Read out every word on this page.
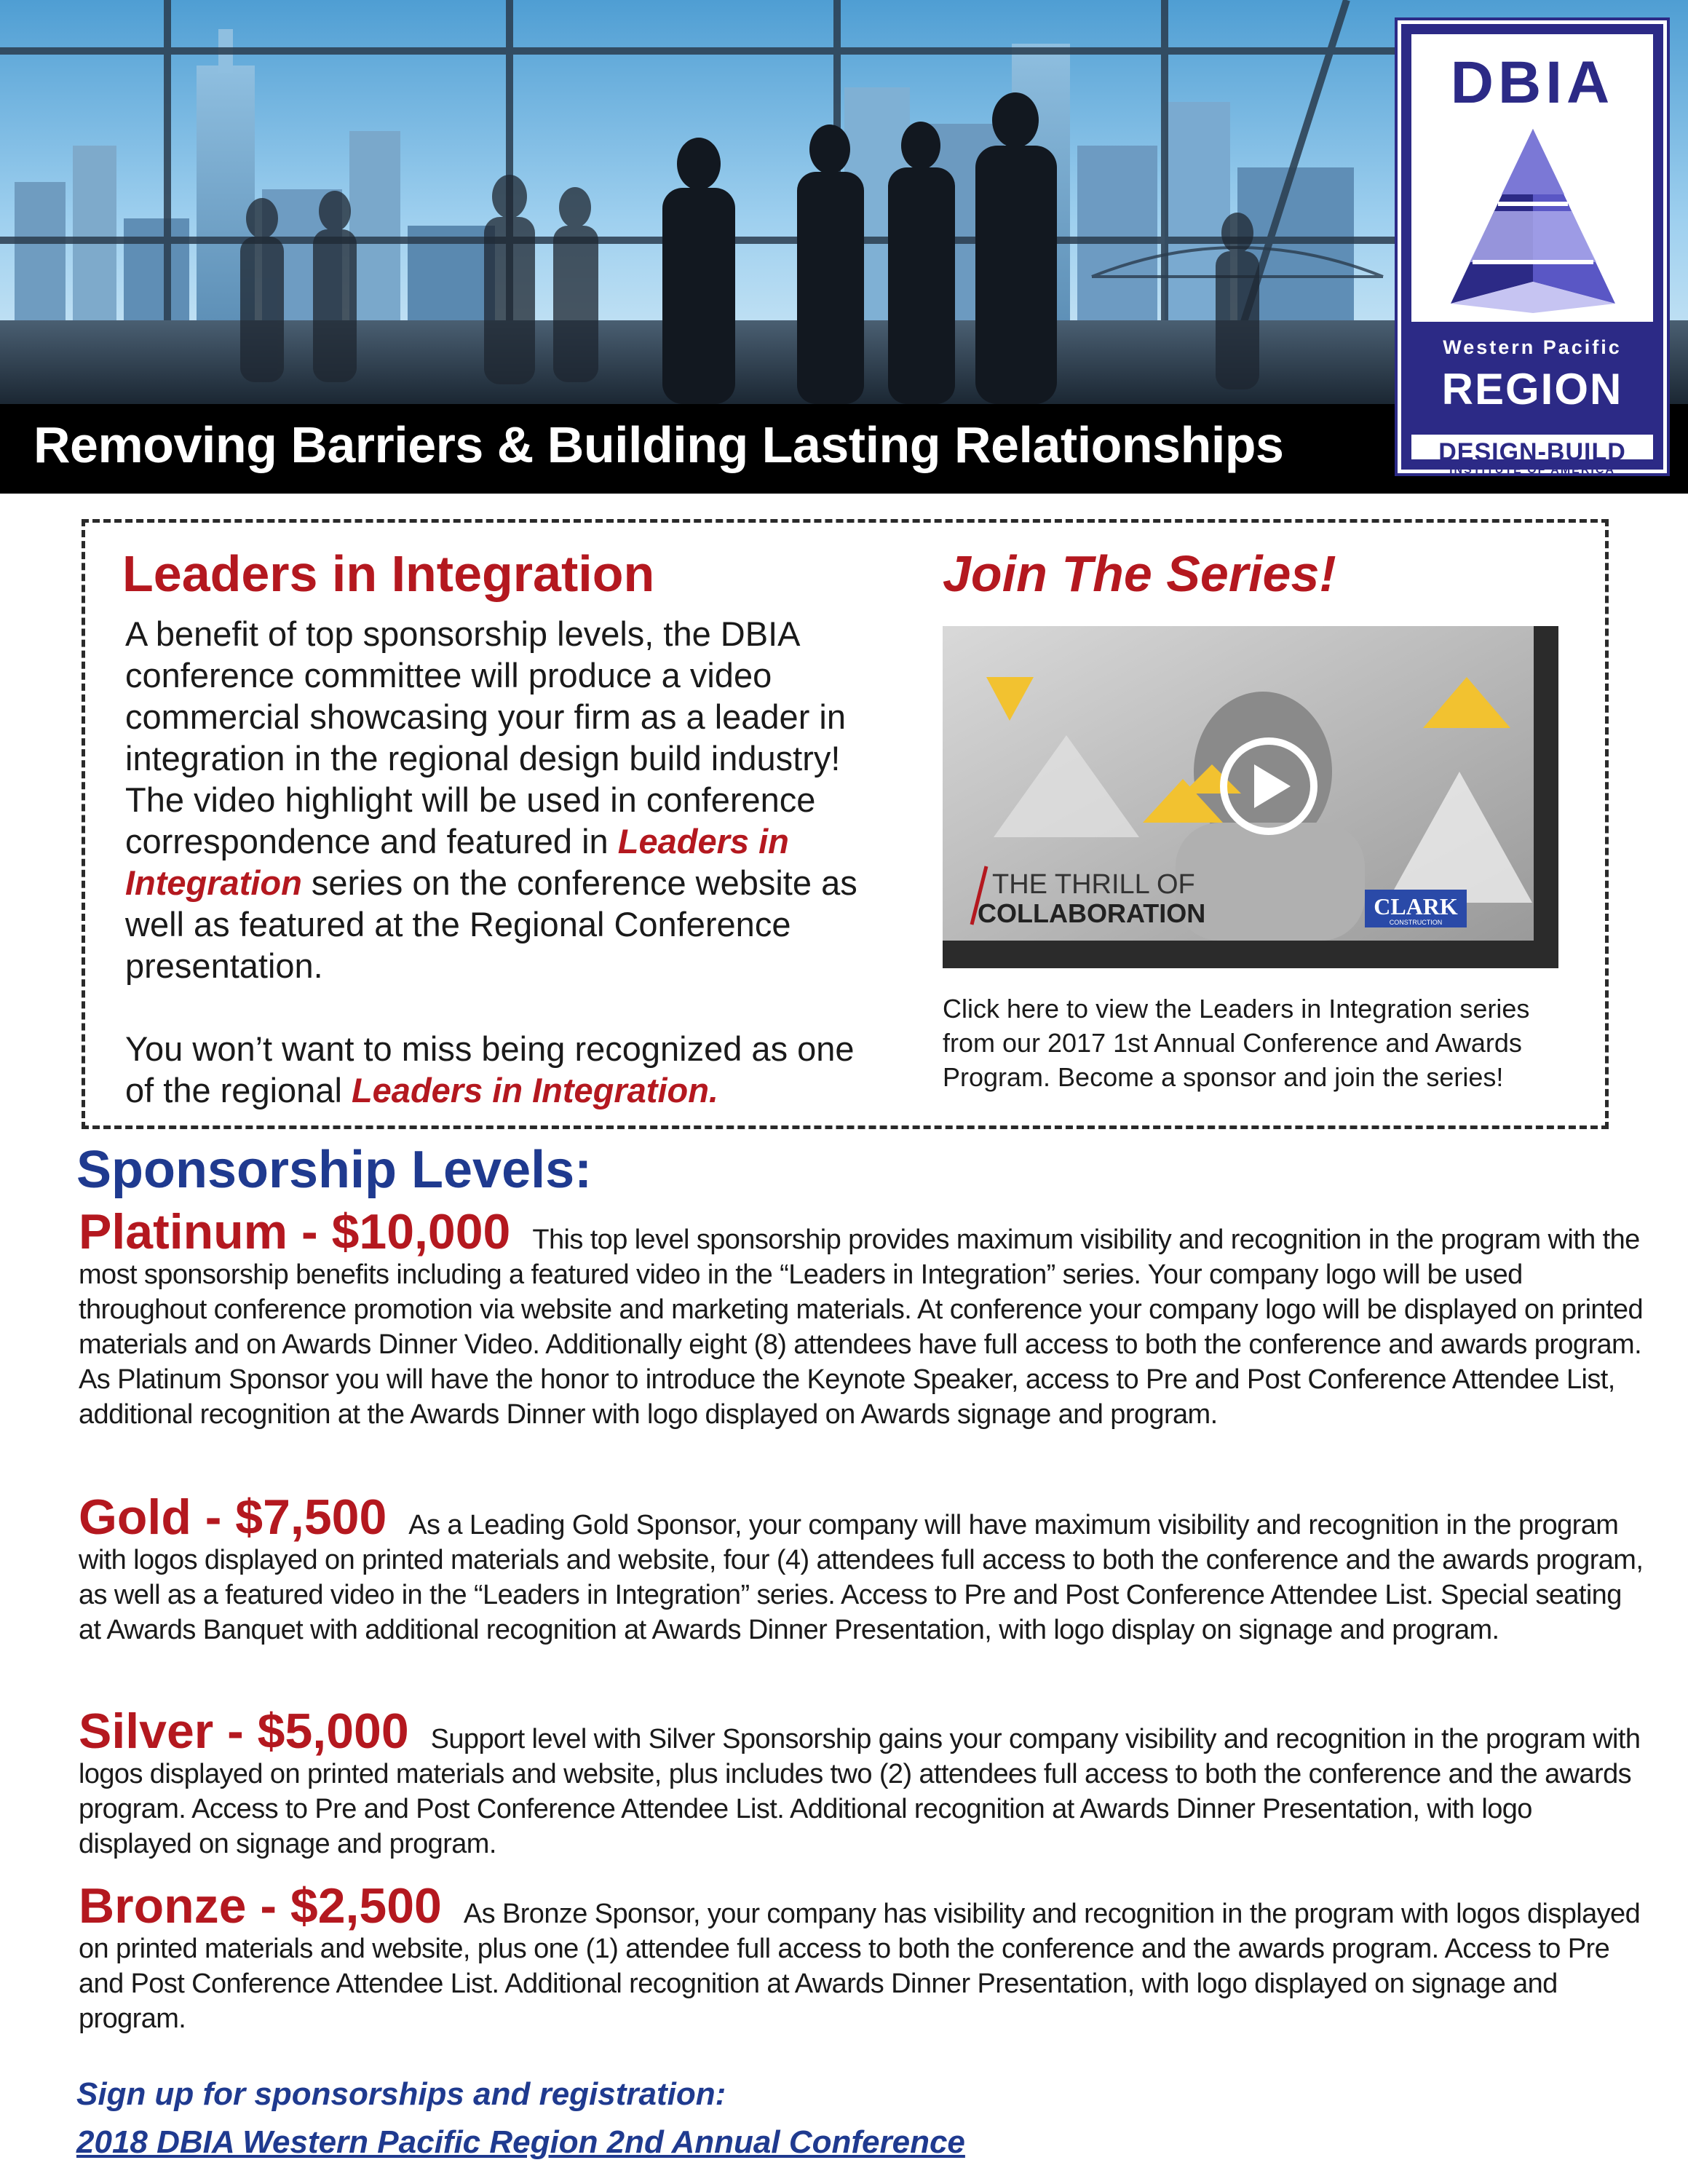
Removing Barriers & Building Lasting Relationships
DBIA
Western Pacific
REGION
DESIGN-BUILD
INSTITUTE OF AMERICA
Leaders in Integration

A benefit of top sponsorship levels, the DBIA conference committee will produce a video commercial showcasing your firm as a leader in integration in the regional design build industry! The video highlight will be used in conference correspondence and featured in Leaders in Integration series on the conference website as well as featured at the Regional Conference presentation.

You won’t want to miss being recognized as one of the regional Leaders in Integration.

Join The Series!
THE THRILL OF
COLLABORATION	CLARK
CONSTRUCTION
Click here to view the Leaders in Integration series from our 2017 1st Annual Conference and Awards Program. Become a sponsor and join the series!
Sponsorship Levels:
Platinum - $10,000 This top level sponsorship provides maximum visibility and recognition in the program with the most sponsorship benefits including a featured video in the “Leaders in Integration” series. Your company logo will be used throughout conference promotion via website and marketing materials. At conference your company logo will be displayed on printed materials and on Awards Dinner Video. Additionally eight (8) attendees have full access to both the conference and awards program. As Platinum Sponsor you will have the honor to introduce the Keynote Speaker, access to Pre and Post Conference Attendee List, additional recognition at the Awards Dinner with logo displayed on Awards signage and program.
Gold - $7,500 As a Leading Gold Sponsor, your company will have maximum visibility and recognition in the program with logos displayed on printed materials and website, four (4) attendees full access to both the conference and the awards program, as well as a featured video in the “Leaders in Integration” series. Access to Pre and Post Conference Attendee List. Special seating at Awards Banquet with additional recognition at Awards Dinner Presentation, with logo display on signage and program.
Silver - $5,000 Support level with Silver Sponsorship gains your company visibility and recognition in the program with logos displayed on printed materials and website, plus includes two (2) attendees full access to both the conference and the awards program. Access to Pre and Post Conference Attendee List. Additional recognition at Awards Dinner Presentation, with logo displayed on signage and program.
Bronze - $2,500 As Bronze Sponsor, your company has visibility and recognition in the program with logos displayed on printed materials and website, plus one (1) attendee full access to both the conference and the awards program. Access to Pre and Post Conference Attendee List. Additional recognition at Awards Dinner Presentation, with logo displayed on signage and program.
Sign up for sponsorships and registration:
2018 DBIA Western Pacific Region 2nd Annual Conference
